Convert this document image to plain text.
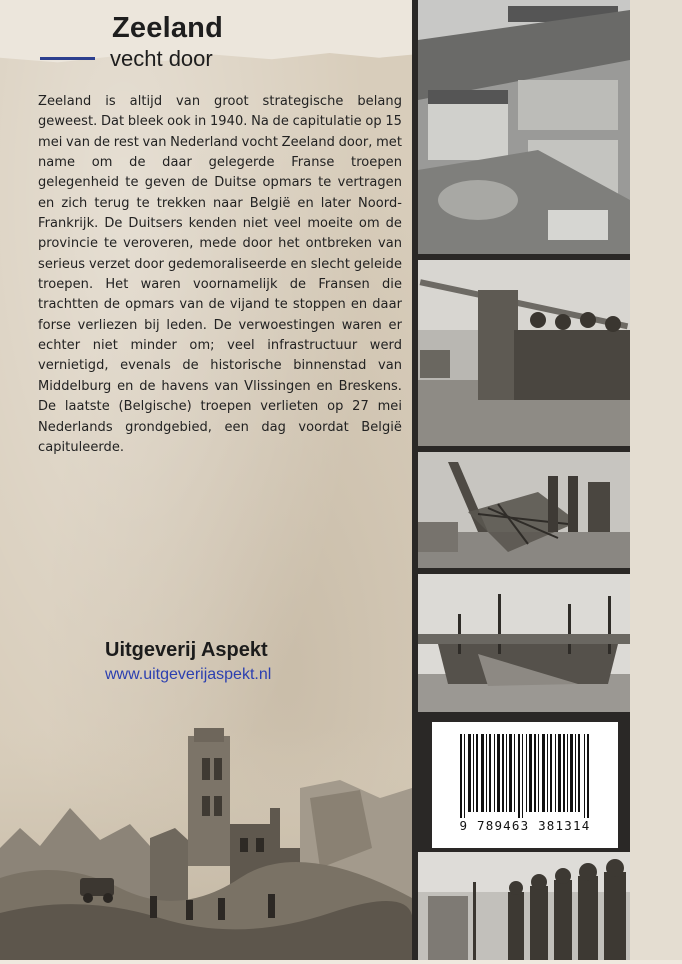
Zeeland
vecht door
Zeeland is altijd van groot strategische belang geweest. Dat bleek ook in 1940. Na de capitulatie op 15 mei van de rest van Nederland vocht Zeeland door, met name om de daar gelegerde Franse troepen gelegenheid te geven de Duitse opmars te vertragen en zich terug te trekken naar België en later Noord-Frankrijk. De Duitsers kenden niet veel moeite om de provincie te veroveren, mede door het ontbreken van serieus verzet door gedemoraliseerde en slecht geleide troepen. Het waren voornamelijk de Fransen die trachtten de opmars van de vijand te stoppen en daar forse verliezen bij leden. De verwoestingen waren er echter niet minder om; veel infrastructuur werd vernietigd, evenals de historische binnenstad van Middelburg en de havens van Vlissingen en Breskens. De laatste (Belgische) troepen verlieten op 27 mei Nederlands grondgebied, een dag voordat België capituleerde.
Uitgeverij Aspekt
www.uitgeverijaspekt.nl
9 789463 381314
